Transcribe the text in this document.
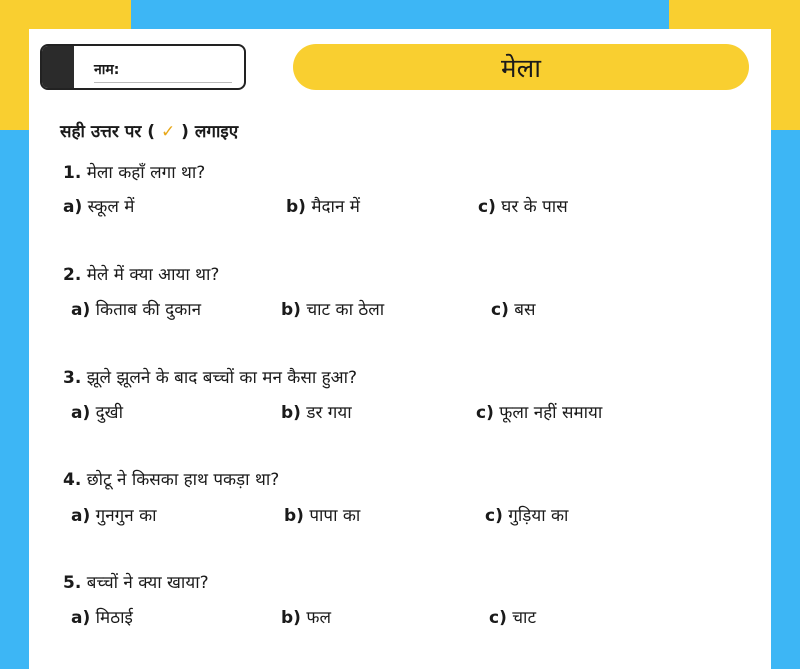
नाम:	मेला
सही उत्तर पर ( ✓ ) लगाइए
1. मेला कहाँ लगा था?
a) स्कूल में	b) मैदान में	c) घर के पास
2. मेले में क्या आया था?
a) किताब की दुकान	b) चाट का ठेला	c) बस
3. झूले झूलने के बाद बच्चों का मन कैसा हुआ?
a) दुखी	b) डर गया	c) फूला नहीं समाया
4. छोटू ने किसका हाथ पकड़ा था?
a) गुनगुन का	b) पापा का	c) गुड़िया का
5. बच्चों ने क्या खाया?
a) मिठाई	b) फल	c) चाट
